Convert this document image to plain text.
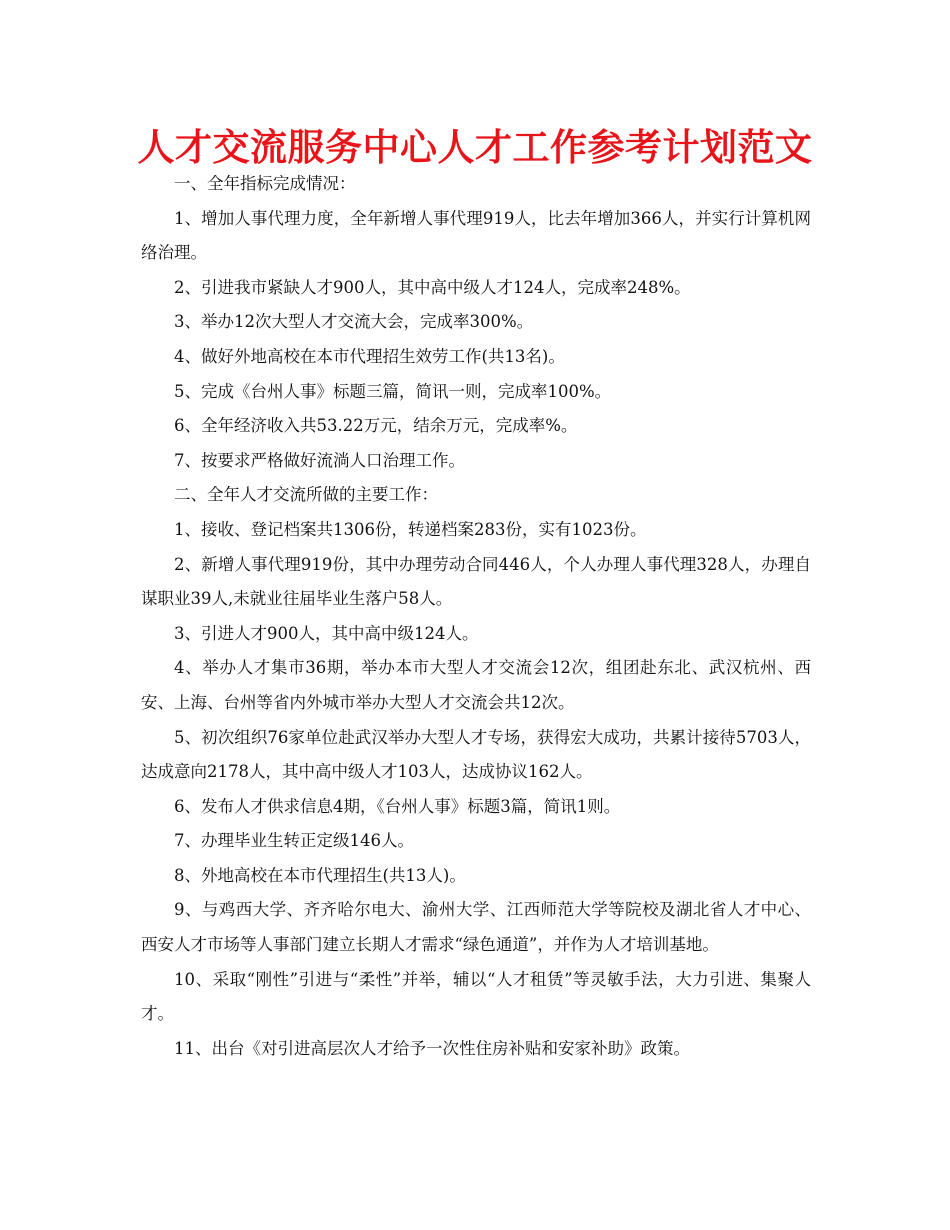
人才交流服务中心人才工作参考计划范文

一、全年指标完成情况：

1、增加人事代理力度，全年新增人事代理919人，比去年增加366人，并实行计算机网络治理。

2、引进我市紧缺人才900人，其中高中级人才124人，完成率248%。

3、举办12次大型人才交流大会，完成率300%。

4、做好外地高校在本市代理招生效劳工作(共13名)。

5、完成《台州人事》标题三篇，简讯一则，完成率100%。

6、全年经济收入共53.22万元，结余万元，完成率%。

7、按要求严格做好流淌人口治理工作。

二、全年人才交流所做的主要工作：

1、接收、登记档案共1306份，转递档案283份，实有1023份。

2、新增人事代理919份，其中办理劳动合同446人，个人办理人事代理328人，办理自谋职业39人,未就业往届毕业生落户58人。

3、引进人才900人，其中高中级124人。

4、举办人才集市36期，举办本市大型人才交流会12次，组团赴东北、武汉杭州、西安、上海、台州等省内外城市举办大型人才交流会共12次。

5、初次组织76家单位赴武汉举办大型人才专场，获得宏大成功，共累计接待5703人，达成意向2178人，其中高中级人才103人，达成协议162人。

6、发布人才供求信息4期，《台州人事》标题3篇，简讯1则。

7、办理毕业生转正定级146人。

8、外地高校在本市代理招生(共13人)。

9、与鸡西大学、齐齐哈尔电大、渝州大学、江西师范大学等院校及湖北省人才中心、西安人才市场等人事部门建立长期人才需求“绿色通道”，并作为人才培训基地。

10、采取“刚性”引进与“柔性”并举，辅以“人才租赁”等灵敏手法，大力引进、集聚人才。

11、出台《对引进高层次人才给予一次性住房补贴和安家补助》政策。
